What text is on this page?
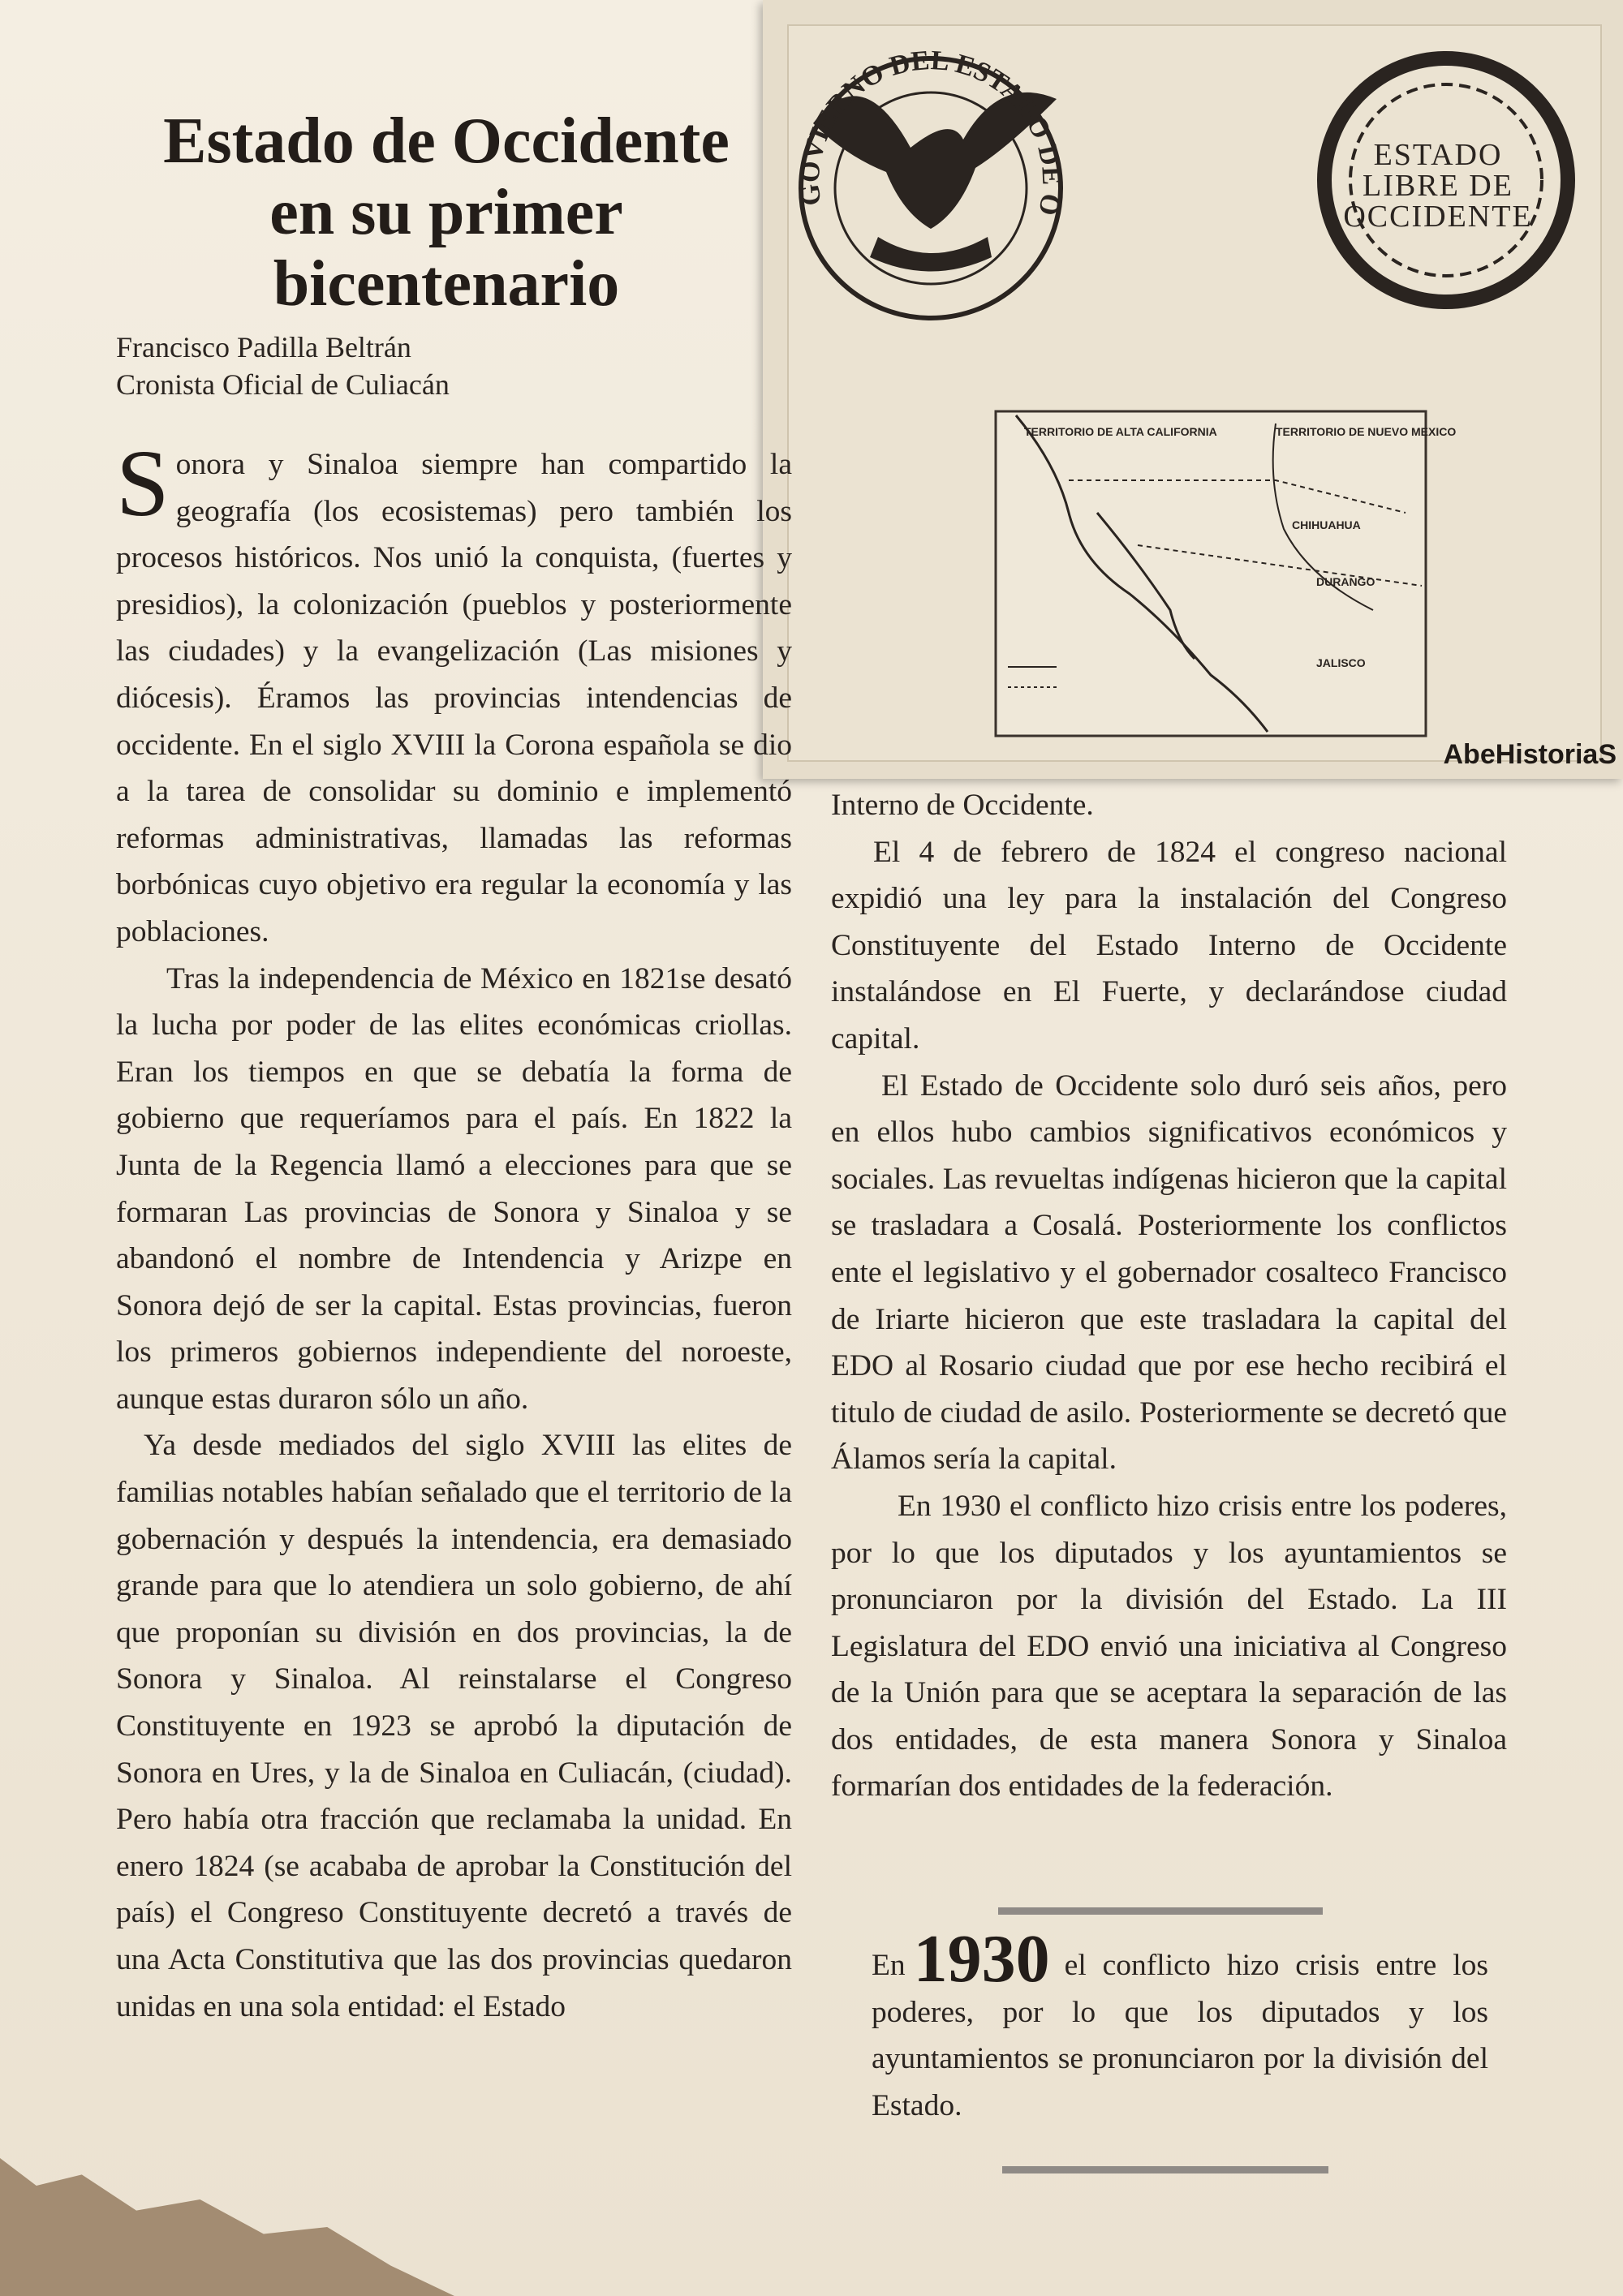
GOVIERNO DEL ESTADO DE O
TERRITORIO DE ALTA CALIFORNIA	TERRITORIO DE NUEVO MEXICO
CHIHUAHUA
DURANGO
JALISCO
ESTADO
LIBRE DE
OCCIDENTE
AbeHistoriaS
Estado de Occidente
en su primer
bicentenario
Francisco Padilla Beltrán
Cronista Oficial de Culiacán

Sonora y Sinaloa siempre han compartido la geografía (los ecosistemas) pero también los procesos históricos. Nos unió la conquista, (fuertes y presidios), la colonización (pueblos y posteriormente las ciudades) y la evangelización (Las misiones y diócesis). Éramos las provincias intendencias de occidente. En el siglo XVIII la Corona española se dio a la tarea de consolidar su dominio e implementó reformas administrativas, llamadas las reformas borbónicas cuyo objetivo era regular la economía y las poblaciones.

Tras la independencia de México en 1821se desató la lucha por poder de las elites económicas criollas. Eran los tiempos en que se debatía la forma de gobierno que requeríamos para el país. En 1822 la Junta de la Regencia llamó a elecciones para que se formaran Las provincias de Sonora y Sinaloa y se abandonó el nombre de Intendencia y Arizpe en Sonora dejó de ser la capital. Estas provincias, fueron los primeros gobiernos independiente del noroeste, aunque estas duraron sólo un año.

Ya desde mediados del siglo XVIII las elites de familias notables habían señalado que el territorio de la gobernación y después la intendencia, era demasiado grande para que lo atendiera un solo gobierno, de ahí que proponían su división en dos provincias, la de Sonora y Sinaloa. Al reinstalarse el Congreso Constituyente en 1923 se aprobó la diputación de Sonora en Ures, y la de Sinaloa en Culiacán, (ciudad). Pero había otra fracción que reclamaba la unidad. En enero 1824 (se acababa de aprobar la Constitución del país) el Congreso Constituyente decretó a través de una Acta Constitutiva que las dos provincias quedaron unidas en una sola entidad: el Estado

Interno de Occidente.

El 4 de febrero de 1824 el congreso nacional expidió una ley para la instalación del Congreso Constituyente del Estado Interno de Occidente instalándose en El Fuerte, y declarándose ciudad capital.

El Estado de Occidente solo duró seis años, pero en ellos hubo cambios significativos económicos y sociales. Las revueltas indígenas hicieron que la capital se trasladara a Cosalá. Posteriormente los conflictos ente el legislativo y el gobernador cosalteco Francisco de Iriarte hicieron que este trasladara la capital del EDO al Rosario ciudad que por ese hecho recibirá el titulo de ciudad de asilo. Posteriormente se decretó que Álamos sería la capital.

En 1930 el conflicto hizo crisis entre los poderes, por lo que los diputados y los ayuntamientos se pronunciaron por la división del Estado. La III Legislatura del EDO envió una iniciativa al Congreso de la Unión para que se aceptara la separación de las dos entidades, de esta manera Sonora y Sinaloa formarían dos entidades de la federación.

En 1930 el conflicto hizo crisis entre los poderes, por lo que los diputados y los ayuntamientos se pronunciaron por la división del Estado.
